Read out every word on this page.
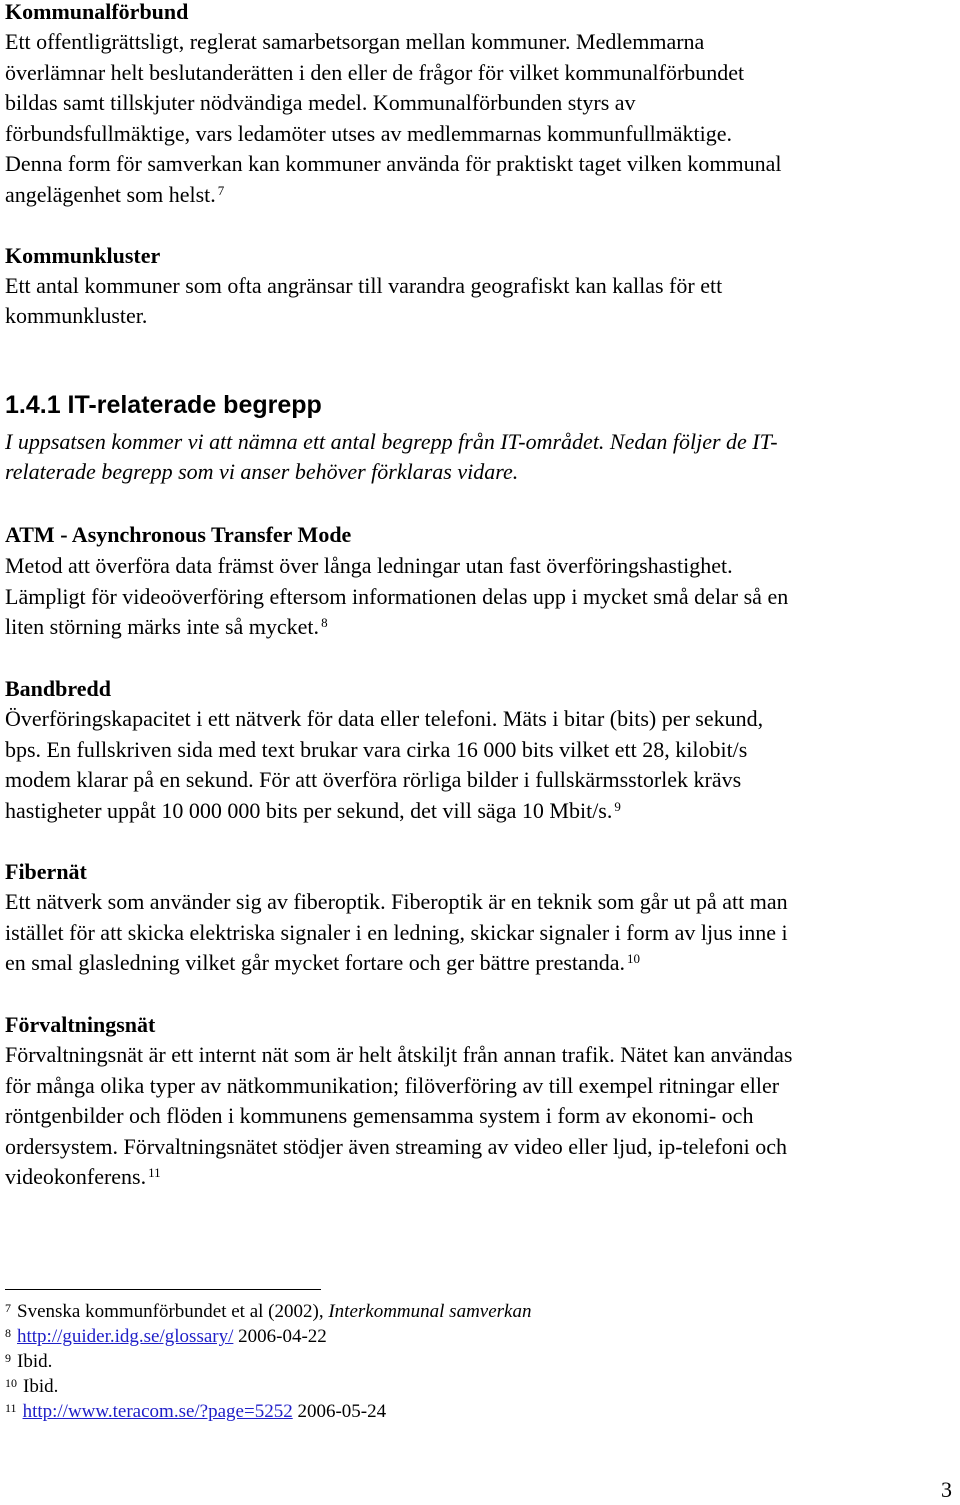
Kommunalförbund
Ett offentligrättsligt, reglerat samarbetsorgan mellan kommuner. Medlemmarna
överlämnar helt beslutanderätten i den eller de frågor för vilket kommunalförbundet
bildas samt tillskjuter nödvändiga medel. Kommunalförbunden styrs av
förbundsfullmäktige, vars ledamöter utses av medlemmarnas kommunfullmäktige.
Denna form för samverkan kan kommuner använda för praktiskt taget vilken kommunal
angelägenhet som helst. $^7$
Kommunkluster
Ett antal kommuner som ofta angränsar till varandra geografiskt kan kallas för ett
kommunkluster.
1.4.1 IT-relaterade begrepp
I uppsatsen kommer vi att nämna ett antal begrepp från IT-området. Nedan följer de IT-
relaterade begrepp som vi anser behöver förklaras vidare.
ATM - Asynchronous Transfer Mode
Metod att överföra data främst över långa ledningar utan fast överföringshastighet.
Lämpligt för videoöverföring eftersom informationen delas upp i mycket små delar så en
liten störning märks inte så mycket. $^8$
Bandbredd
Överföringskapacitet i ett nätverk för data eller telefoni. Mäts i bitar (bits) per sekund,
bps. En fullskriven sida med text brukar vara cirka 16 000 bits vilket ett 28, kilobit/s
modem klarar på en sekund. För att överföra rörliga bilder i fullskärmsstorlek krävs
hastigheter uppåt 10 000 000 bits per sekund, det vill säga 10 Mbit/s. $^9$
Fibernät
Ett nätverk som använder sig av fiberoptik. Fiberoptik är en teknik som går ut på att man
istället för att skicka elektriska signaler i en ledning, skickar signaler i form av ljus inne i
en smal glasledning vilket går mycket fortare och ger bättre prestanda. $^{10}$
Förvaltningsnät
Förvaltningsnät är ett internt nät som är helt åtskiljt från annan trafik. Nätet kan användas
för många olika typer av nätkommunikation; filöverföring av till exempel ritningar eller
röntgenbilder och flöden i kommunens gemensamma system i form av ekonomi- och
ordersystem. Förvaltningsnätet stödjer även streaming av video eller ljud, ip-telefoni och
videokonferens. $^{11}$
$^7$ Svenska kommunförbundet et al (2002), Interkommunal samverkan
$^8$ http://guider.idg.se/glossary/ 2006-04-22
$^9$ Ibid.
$^{10}$ Ibid.
$^{11}$ http://www.teracom.se/?page=5252 2006-05-24
3
